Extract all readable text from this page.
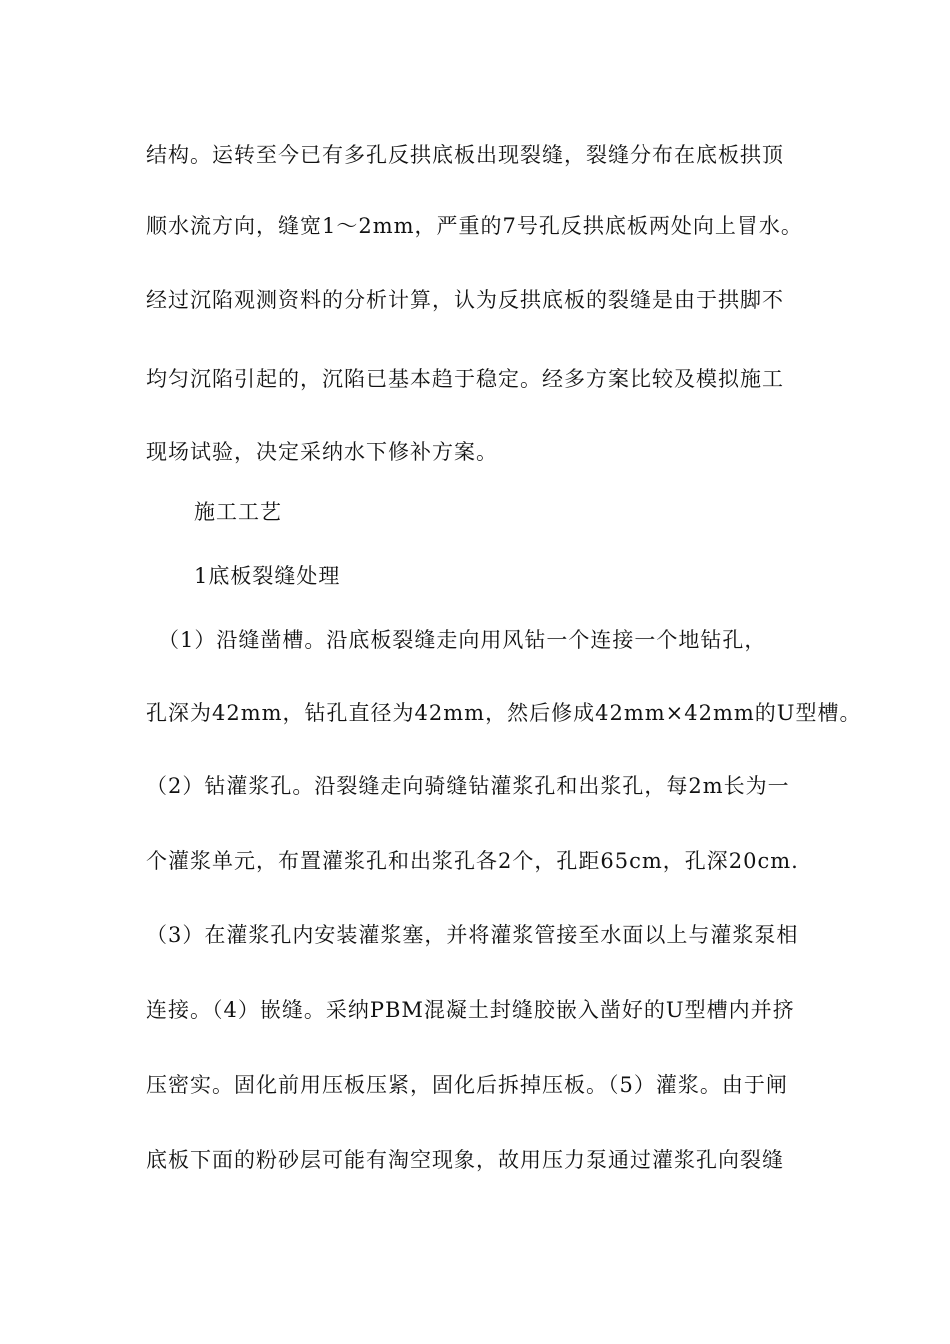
结构。运转至今已有多孔反拱底板出现裂缝，裂缝分布在底板拱顶
顺水流方向，缝宽1～2mm，严重的7号孔反拱底板两处向上冒水。
经过沉陷观测资料的分析计算，认为反拱底板的裂缝是由于拱脚不
均匀沉陷引起的，沉陷已基本趋于稳定。经多方案比较及模拟施工
现场试验，决定采纳水下修补方案。
施工工艺
1底板裂缝处理
（1）沿缝凿槽。沿底板裂缝走向用风钻一个连接一个地钻孔，
孔深为42mm，钻孔直径为42mm，然后修成42mm×42mm的U型槽。
（2）钻灌浆孔。沿裂缝走向骑缝钻灌浆孔和出浆孔，每2m长为一
个灌浆单元，布置灌浆孔和出浆孔各2个，孔距65cm，孔深20cm.
（3）在灌浆孔内安装灌浆塞，并将灌浆管接至水面以上与灌浆泵相
连接。（4）嵌缝。采纳PBM混凝土封缝胶嵌入凿好的U型槽内并挤
压密实。固化前用压板压紧，固化后拆掉压板。（5）灌浆。由于闸
底板下面的粉砂层可能有淘空现象，故用压力泵通过灌浆孔向裂缝
